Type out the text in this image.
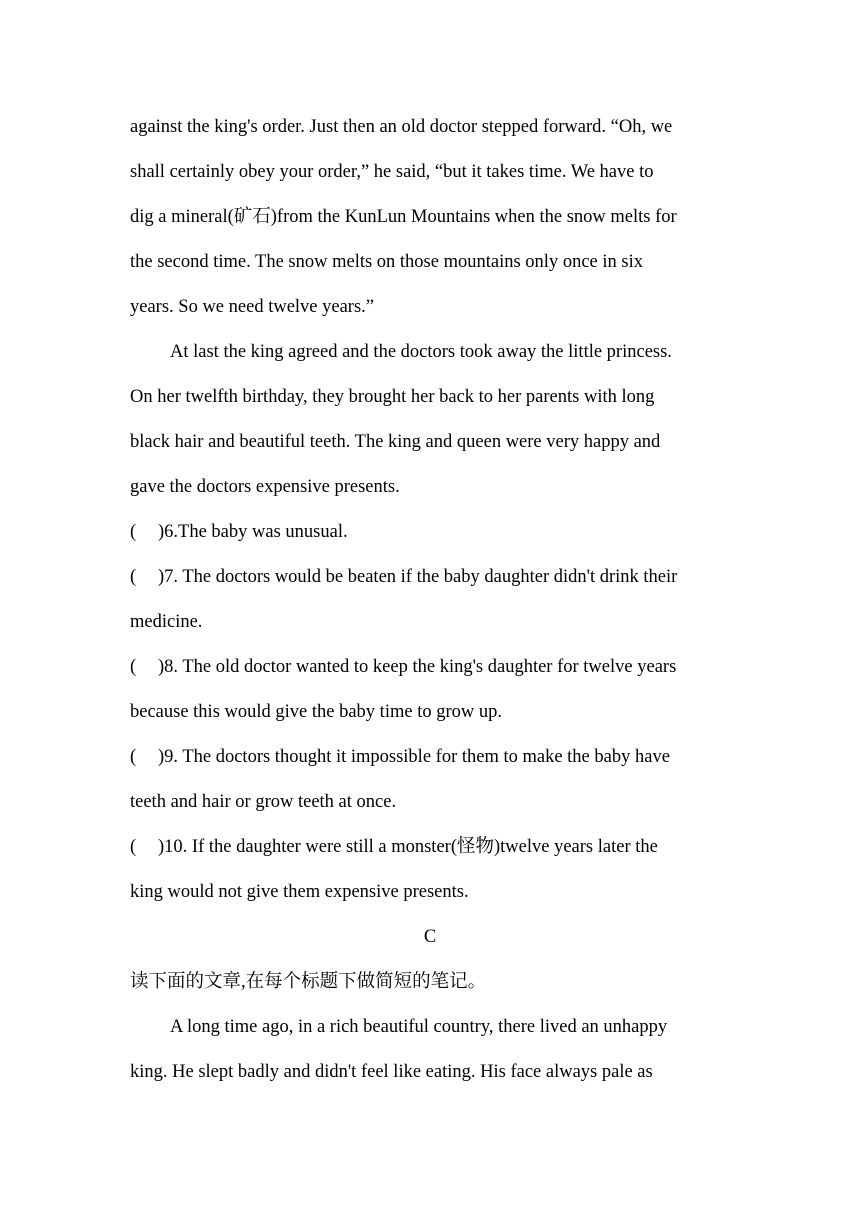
against the king's order. Just then an old doctor stepped forward. “Oh, we
shall certainly obey your order,” he said, “but it takes time. We have to
dig a mineral(矿石)from the KunLun Mountains when the snow melts for
the second time. The snow melts on those mountains only once in six
years. So we need twelve years.”
At last the king agreed and the doctors took away the little princess.
On her twelfth birthday, they brought her back to her parents with long
black hair and beautiful teeth. The king and queen were very happy and
gave the doctors expensive presents.
( )6.The baby was unusual.
( )7. The doctors would be beaten if the baby daughter didn't drink their
medicine.
( )8. The old doctor wanted to keep the king's daughter for twelve years
because this would give the baby time to grow up.
( )9. The doctors thought it impossible for them to make the baby have
teeth and hair or grow teeth at once.
( )10. If the daughter were still a monster(怪物)twelve years later the
king would not give them expensive presents.
C
读下面的文章,在每个标题下做简短的笔记。
A long time ago, in a rich beautiful country, there lived an unhappy
king. He slept badly and didn't feel like eating. His face always pale as
